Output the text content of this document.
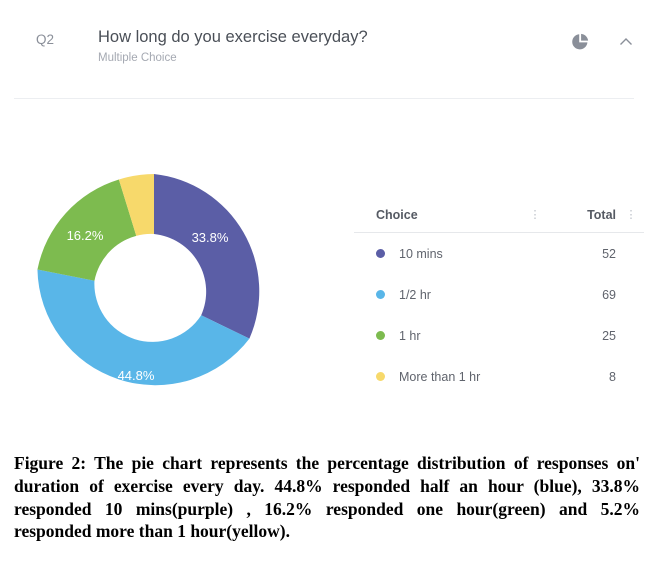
Q2	How long do you exercise everyday?
Multiple Choice
33.8%
44.8%
16.2%
Choice	⋮	Total ⋮
10 mins	52
1/2 hr	69
1 hr	25
More than 1 hr	8
Figure 2: The pie chart represents the percentage distribution of responses on' duration of exercise every day. 44.8% responded half an hour (blue), 33.8% responded 10 mins(purple) , 16.2% responded one hour(green) and 5.2% responded more than 1 hour(yellow).
